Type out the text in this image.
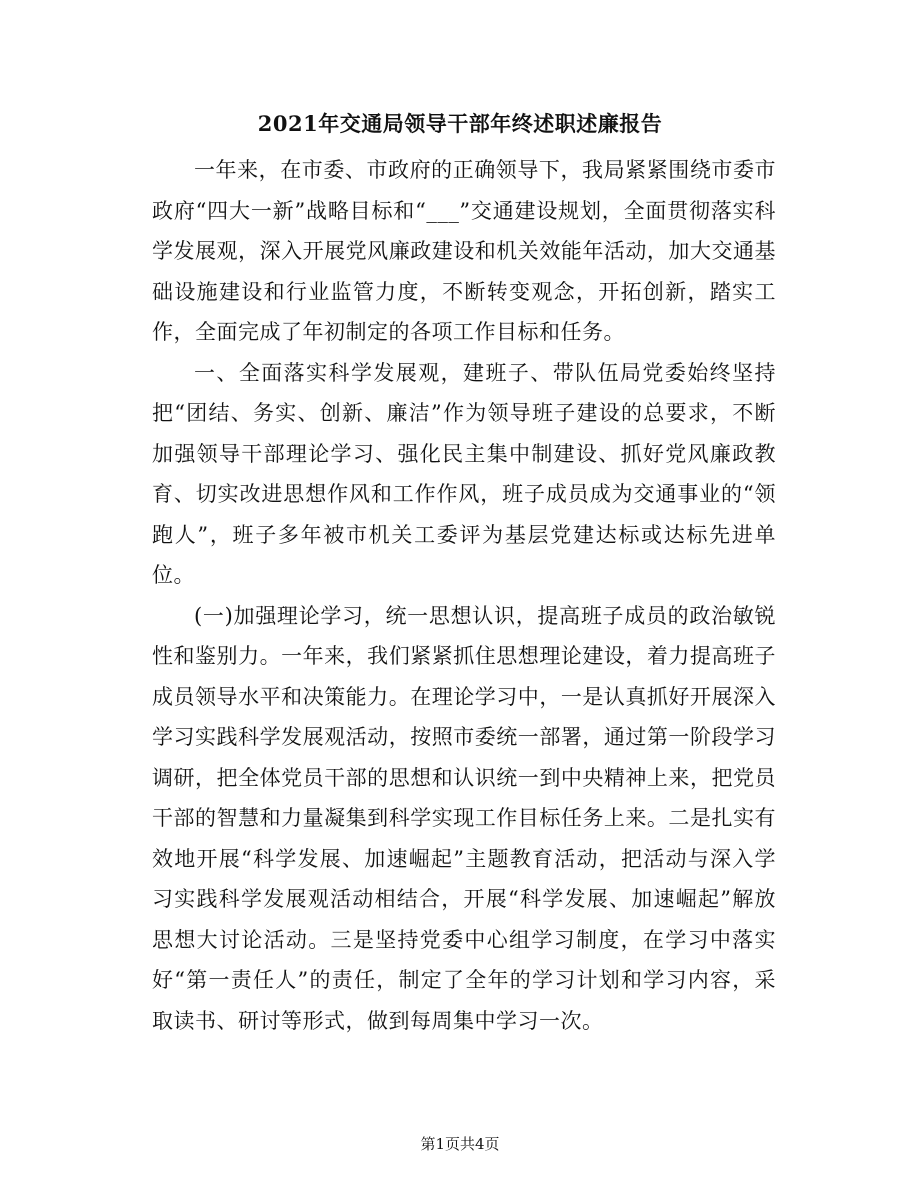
2021年交通局领导干部年终述职述廉报告

一年来，在市委、市政府的正确领导下，我局紧紧围绕市委市政府“四大一新”战略目标和“___”交通建设规划，全面贯彻落实科学发展观，深入开展党风廉政建设和机关效能年活动，加大交通基础设施建设和行业监管力度，不断转变观念，开拓创新，踏实工作，全面完成了年初制定的各项工作目标和任务。

一、全面落实科学发展观，建班子、带队伍局党委始终坚持把“团结、务实、创新、廉洁”作为领导班子建设的总要求，不断加强领导干部理论学习、强化民主集中制建设、抓好党风廉政教育、切实改进思想作风和工作作风，班子成员成为交通事业的“领跑人”，班子多年被市机关工委评为基层党建达标或达标先进单位。

(一)加强理论学习，统一思想认识，提高班子成员的政治敏锐性和鉴别力。一年来，我们紧紧抓住思想理论建设，着力提高班子成员领导水平和决策能力。在理论学习中，一是认真抓好开展深入学习实践科学发展观活动，按照市委统一部署，通过第一阶段学习调研，把全体党员干部的思想和认识统一到中央精神上来，把党员干部的智慧和力量凝集到科学实现工作目标任务上来。二是扎实有效地开展“科学发展、加速崛起”主题教育活动，把活动与深入学习实践科学发展观活动相结合，开展“科学发展、加速崛起”解放思想大讨论活动。三是坚持党委中心组学习制度，在学习中落实好“第一责任人”的责任，制定了全年的学习计划和学习内容，采取读书、研讨等形式，做到每周集中学习一次。

第1页共4页
